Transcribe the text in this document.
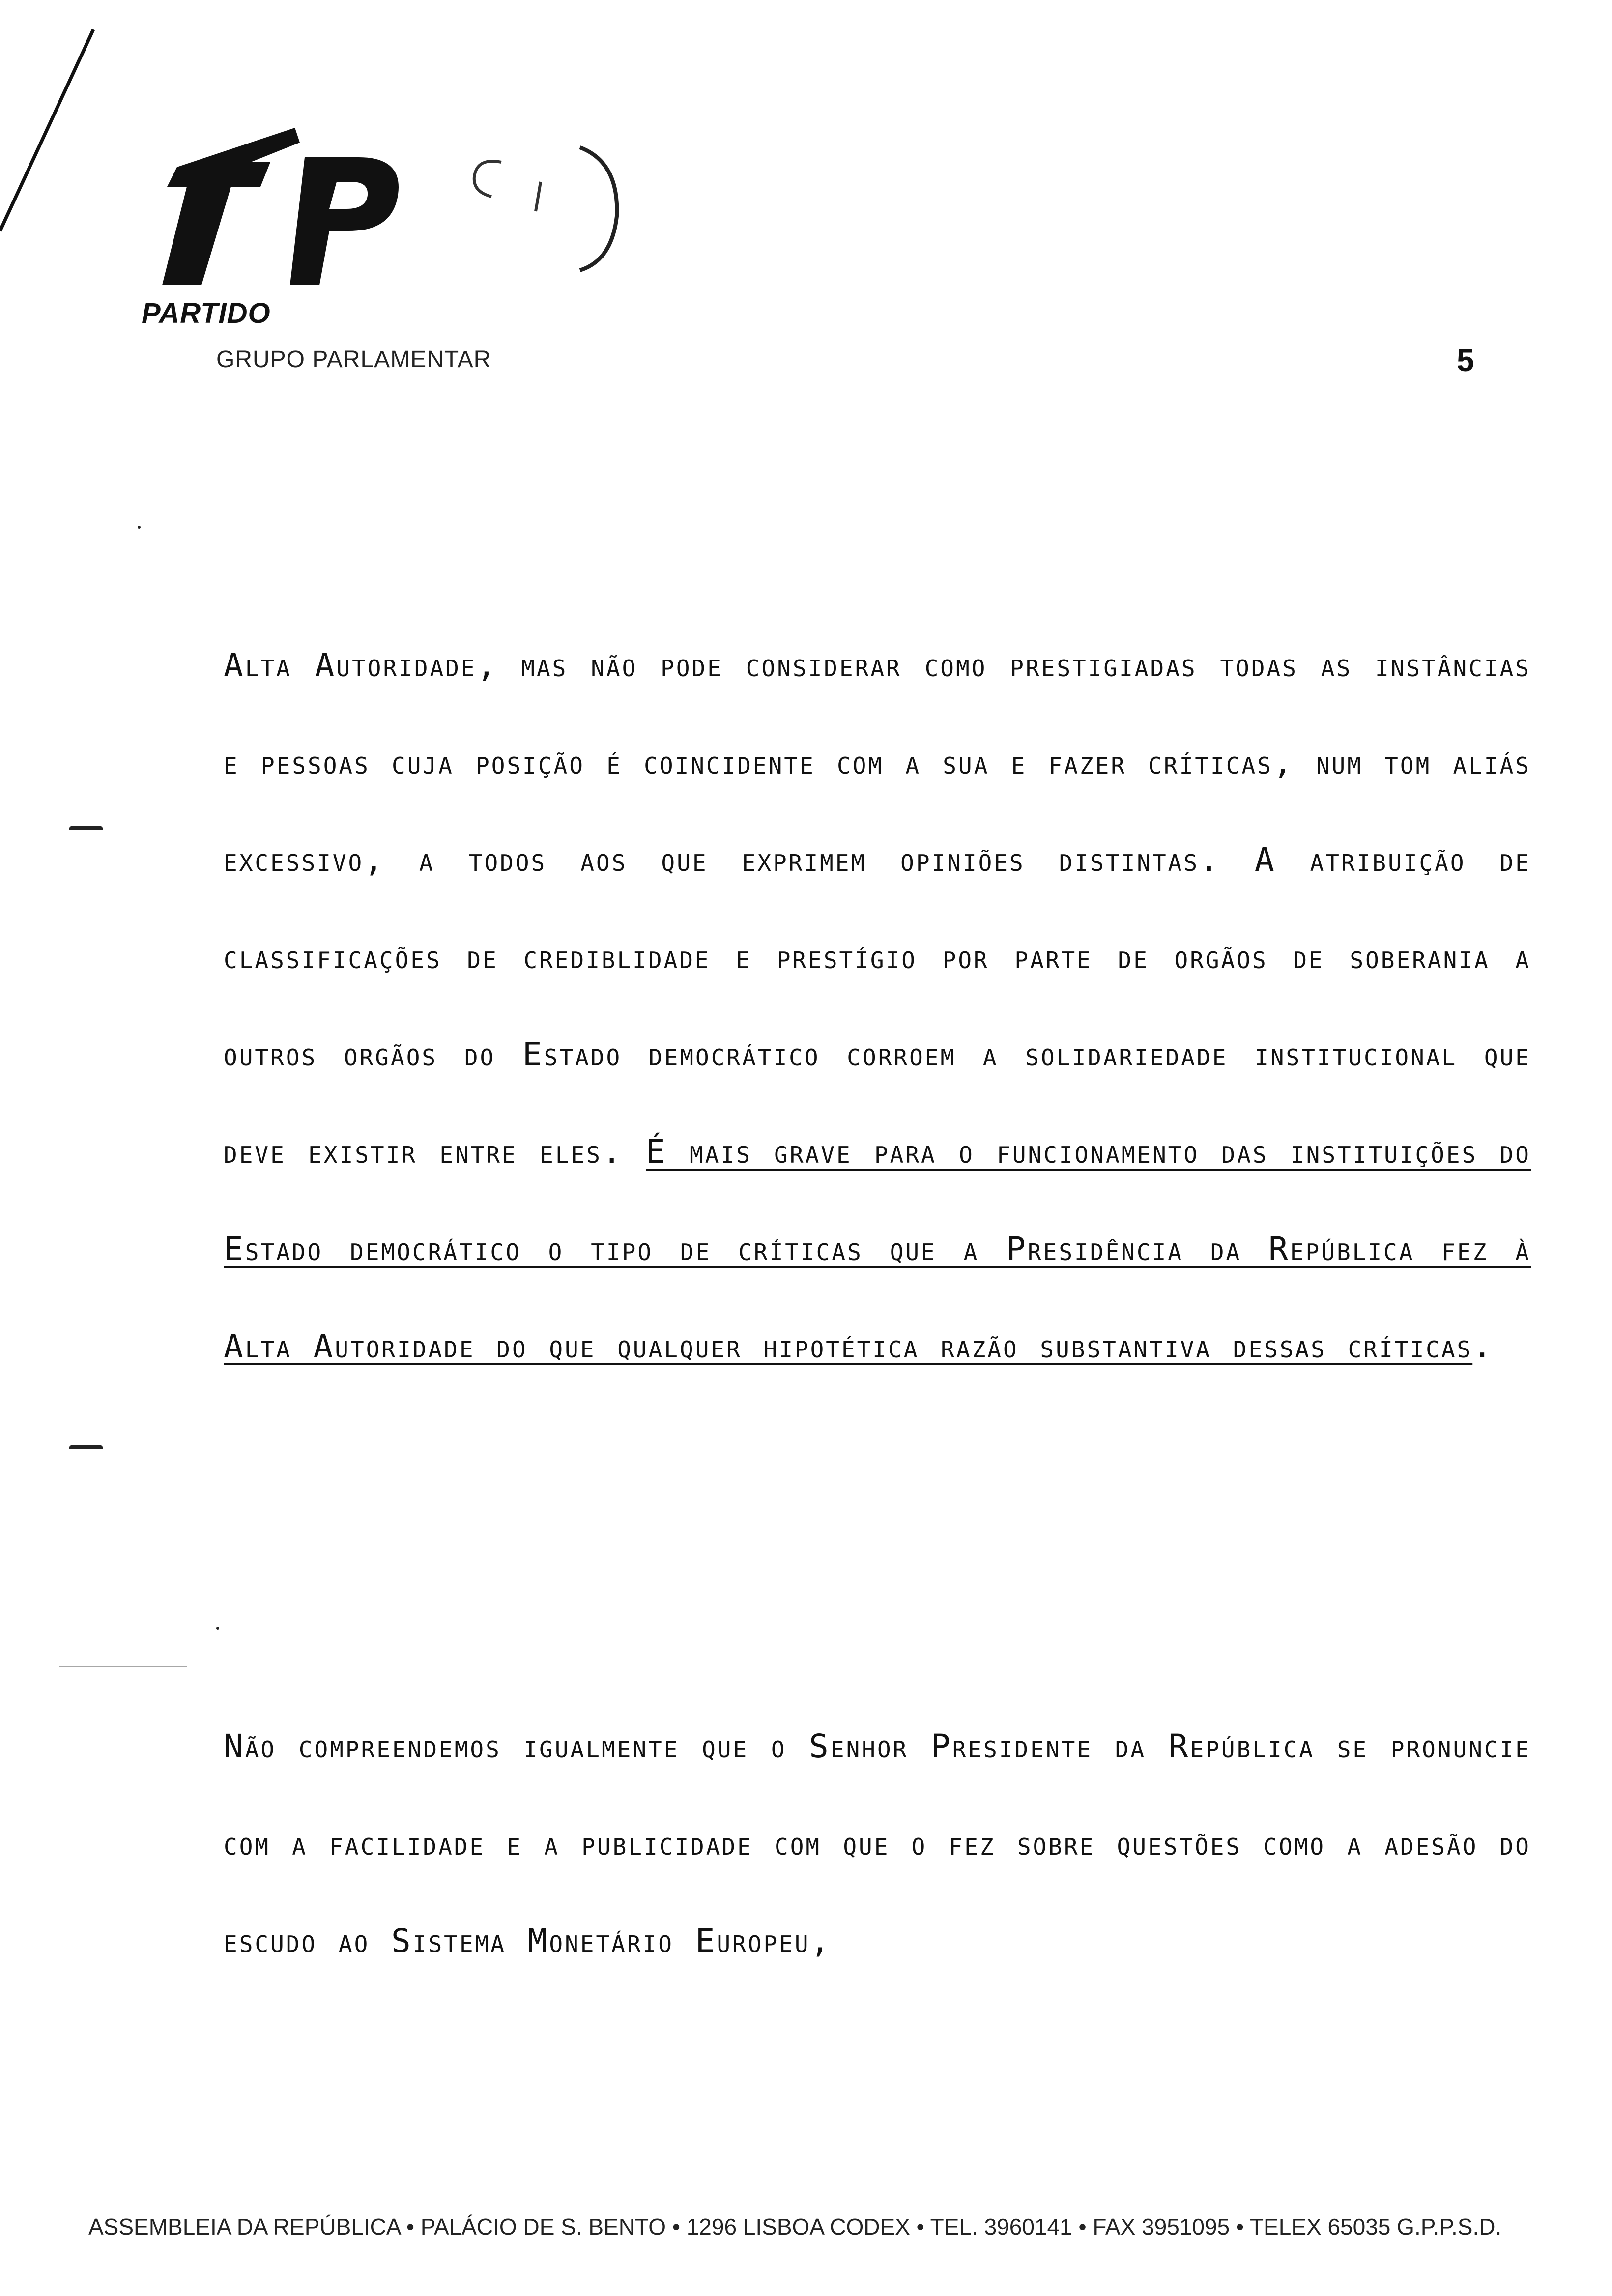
PARTIDO
GRUPO PARLAMENTAR	5

Alta Autoridade, mas não pode considerar como prestigiadas todas as instâncias e pessoas cuja posição é coincidente com a sua e fazer críticas, num tom aliás excessivo, a todos aos que exprimem opiniões distintas. A atribuição de classificações de crediblidade e prestígio por parte de orgãos de soberania a outros orgãos do Estado democrático corroem a solidariedade institucional que deve existir entre eles. É mais grave para o funcionamento das instituições do Estado democrático o tipo de críticas que a Presidência da República fez à Alta Autoridade do que qualquer hipotética razão substantiva dessas críticas.

Não compreendemos igualmente que o Senhor Presidente da República se pronuncie com a facilidade e a publicidade com que o fez sobre questões como a adesão do escudo ao Sistema Monetário Europeu,

ASSEMBLEIA DA REPÚBLICA • PALÁCIO DE S. BENTO • 1296 LISBOA CODEX • TEL. 3960141 • FAX 3951095 • TELEX 65035 G.P.P.S.D.
